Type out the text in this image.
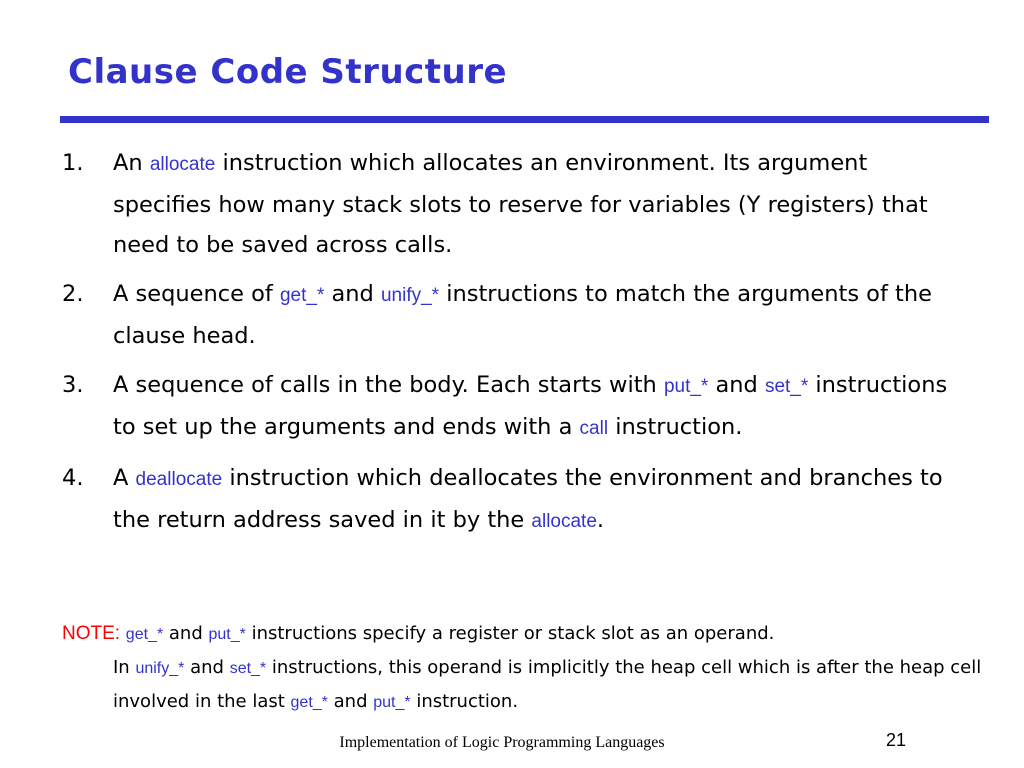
Clause Code Structure
1. An allocate instruction which allocates an environment. Its argument specifies how many stack slots to reserve for variables (Y registers) that need to be saved across calls.
2. A sequence of get_* and unify_* instructions to match the arguments of the clause head.
3. A sequence of calls in the body. Each starts with put_* and set_* instructions to set up the arguments and ends with a call instruction.
4. A deallocate instruction which deallocates the environment and branches to the return address saved in it by the allocate.
NOTE: get_* and put_* instructions specify a register or stack slot as an operand.
In unify_* and set_* instructions, this operand is implicitly the heap cell which is after the heap cell involved in the last get_* and put_* instruction.
Implementation of Logic Programming Languages	21
